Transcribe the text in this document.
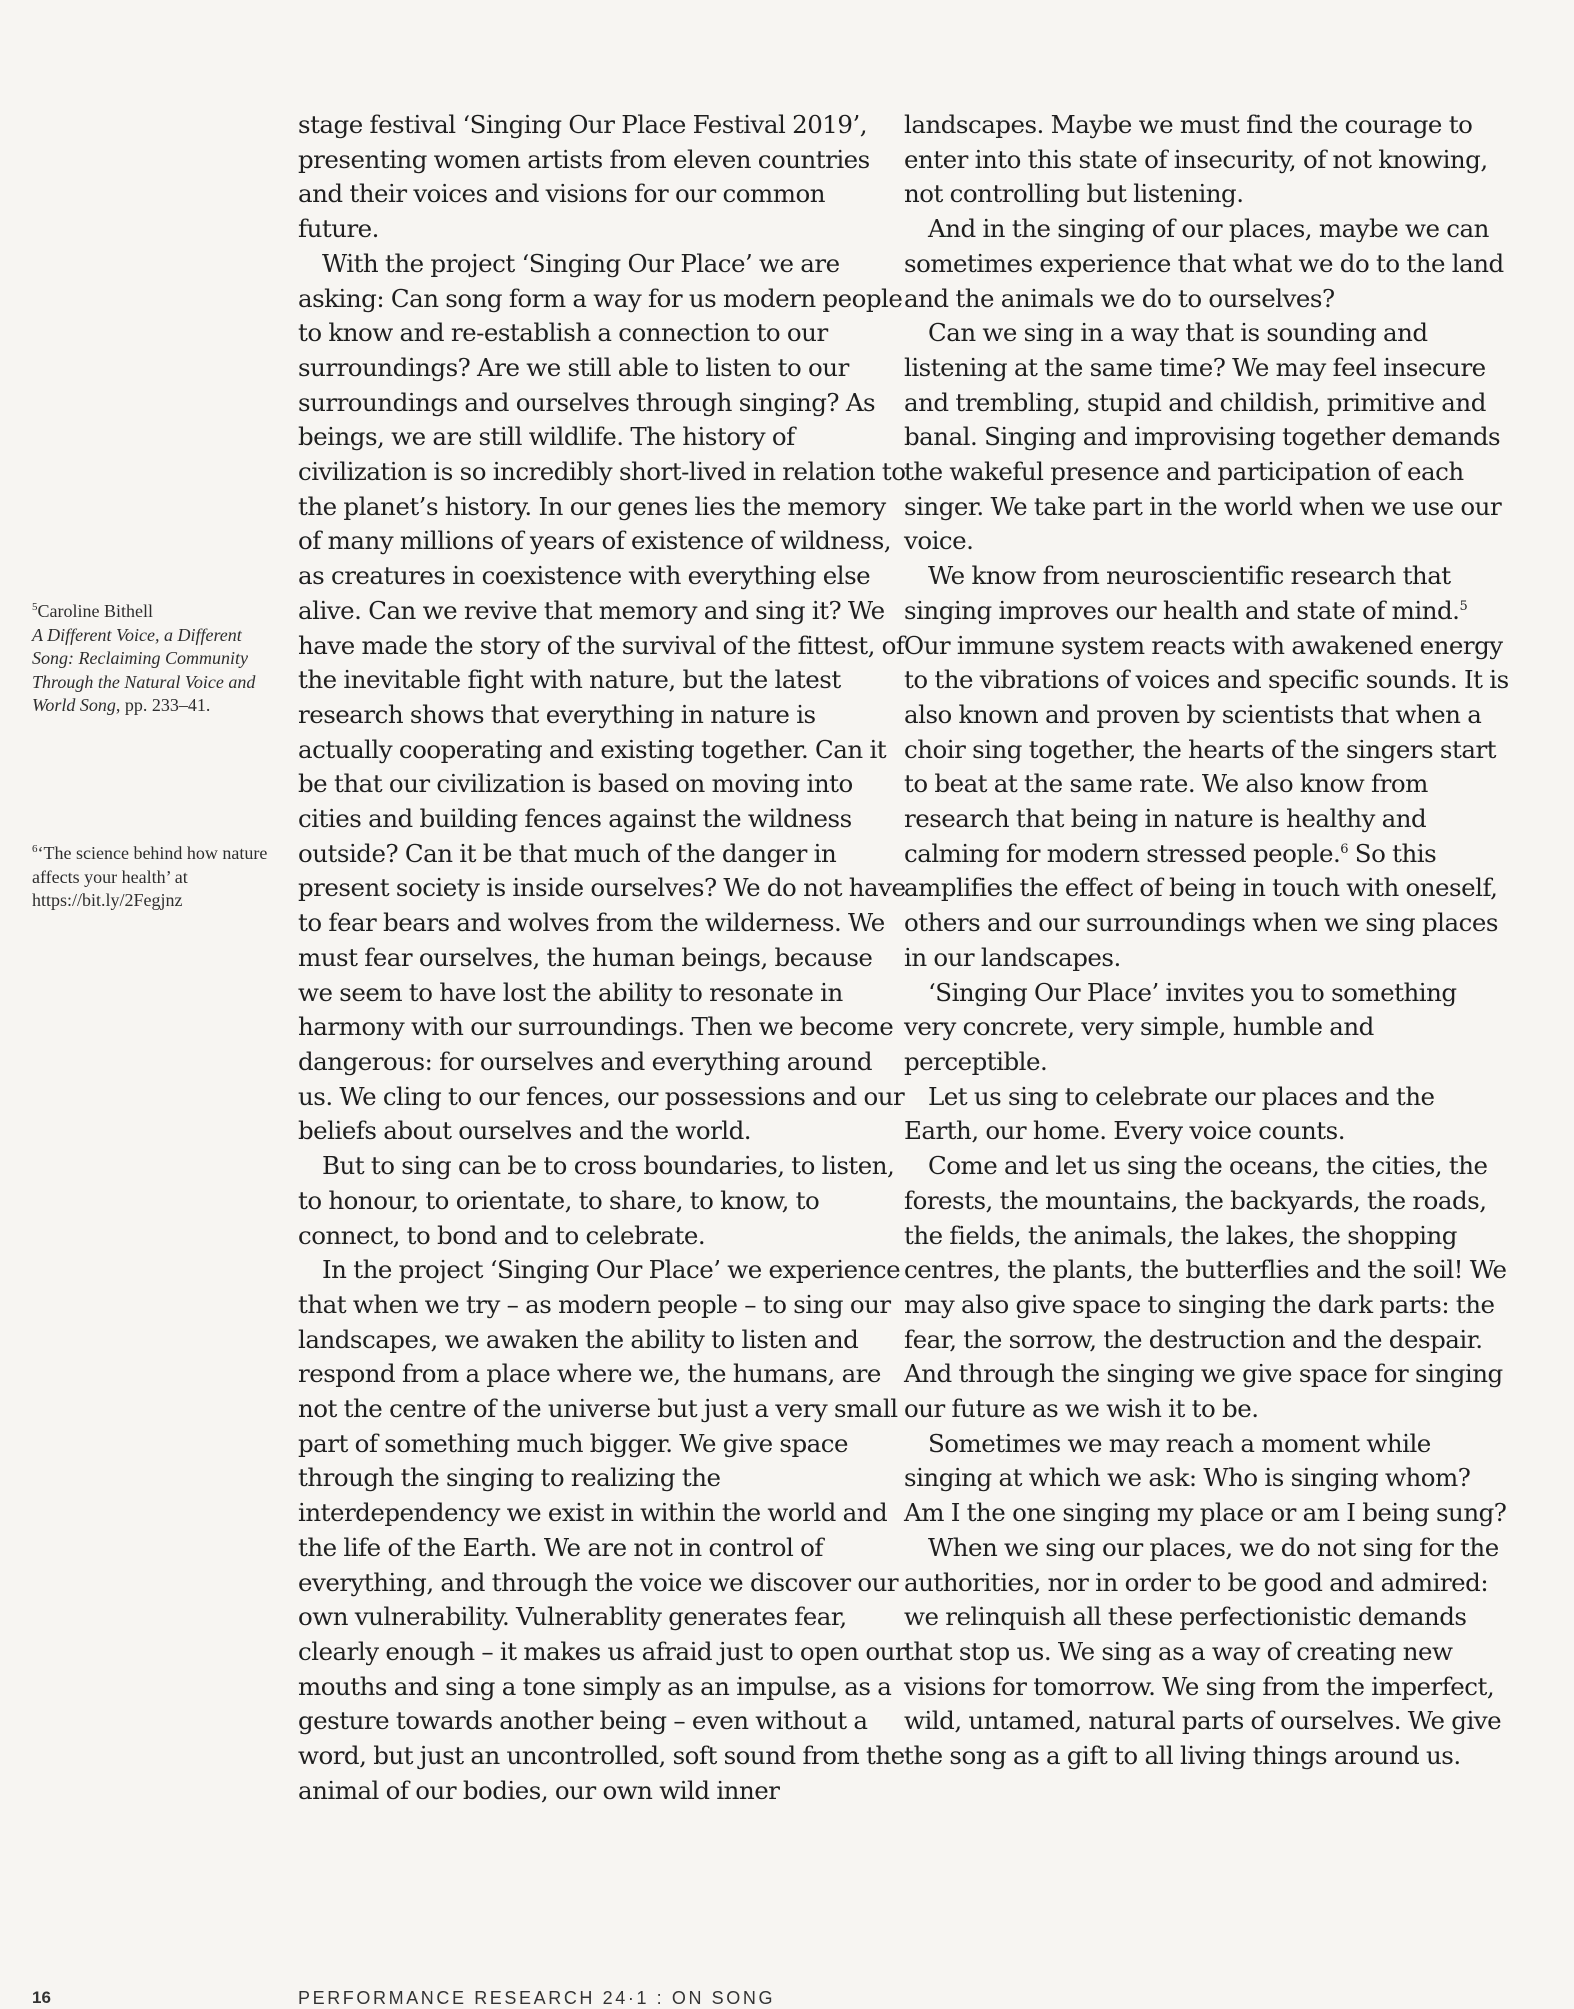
$^5$Caroline Bithell
A Different Voice, a Different Song: Reclaiming Community Through the Natural Voice and World Song, pp. 233–41.
$^6$‘The science behind how nature affects your health’ at https://bit.ly/2Fegjnz

stage festival ‘Singing Our Place Festival 2019’, presenting women artists from eleven countries and their voices and visions for our common future.

With the project ‘Singing Our Place’ we are asking: Can song form a way for us modern people to know and re-establish a connection to our surroundings? Are we still able to listen to our surroundings and ourselves through singing? As beings, we are still wildlife. The history of civilization is so incredibly short-lived in relation to the planet’s history. In our genes lies the memory of many millions of years of existence of wildness, as creatures in coexistence with everything else alive. Can we revive that memory and sing it? We have made the story of the survival of the fittest, of the inevitable fight with nature, but the latest research shows that everything in nature is actually cooperating and existing together. Can it be that our civilization is based on moving into cities and building fences against the wildness outside? Can it be that much of the danger in present society is inside ourselves? We do not have to fear bears and wolves from the wilderness. We must fear ourselves, the human beings, because we seem to have lost the ability to resonate in harmony with our surroundings. Then we become dangerous: for ourselves and everything around us. We cling to our fences, our possessions and our beliefs about ourselves and the world.

But to sing can be to cross boundaries, to listen, to honour, to orientate, to share, to know, to connect, to bond and to celebrate.

In the project ‘Singing Our Place’ we experience that when we try – as modern people – to sing our landscapes, we awaken the ability to listen and respond from a place where we, the humans, are not the centre of the universe but just a very small part of something much bigger. We give space through the singing to realizing the interdependency we exist in within the world and the life of the Earth. We are not in control of everything, and through the voice we discover our own vulnerability. Vulnerablity generates fear, clearly enough – it makes us afraid just to open our mouths and sing a tone simply as an impulse, as a gesture towards another being – even without a word, but just an uncontrolled, soft sound from the animal of our bodies, our own wild inner

landscapes. Maybe we must find the courage to enter into this state of insecurity, of not knowing, not controlling but listening.

And in the singing of our places, maybe we can sometimes experience that what we do to the land and the animals we do to ourselves?

Can we sing in a way that is sounding and listening at the same time? We may feel insecure and trembling, stupid and childish, primitive and banal. Singing and improvising together demands the wakeful presence and participation of each singer. We take part in the world when we use our voice.

We know from neuroscientific research that singing improves our health and state of mind.$^5$ Our immune system reacts with awakened energy to the vibrations of voices and specific sounds. It is also known and proven by scientists that when a choir sing together, the hearts of the singers start to beat at the same rate. We also know from research that being in nature is healthy and calming for modern stressed people.$^6$ So this amplifies the effect of being in touch with oneself, others and our surroundings when we sing places in our landscapes.

‘Singing Our Place’ invites you to something very concrete, very simple, humble and perceptible.

Let us sing to celebrate our places and the Earth, our home. Every voice counts.

Come and let us sing the oceans, the cities, the forests, the mountains, the backyards, the roads, the fields, the animals, the lakes, the shopping centres, the plants, the butterflies and the soil! We may also give space to singing the dark parts: the fear, the sorrow, the destruction and the despair. And through the singing we give space for singing our future as we wish it to be.

Sometimes we may reach a moment while singing at which we ask: Who is singing whom? Am I the one singing my place or am I being sung?

When we sing our places, we do not sing for the authorities, nor in order to be good and admired: we relinquish all these perfectionistic demands that stop us. We sing as a way of creating new visions for tomorrow. We sing from the imperfect, wild, untamed, natural parts of ourselves. We give the song as a gift to all living things around us.

16	PERFORMANCE RESEARCH 24·1 : ON SONG
